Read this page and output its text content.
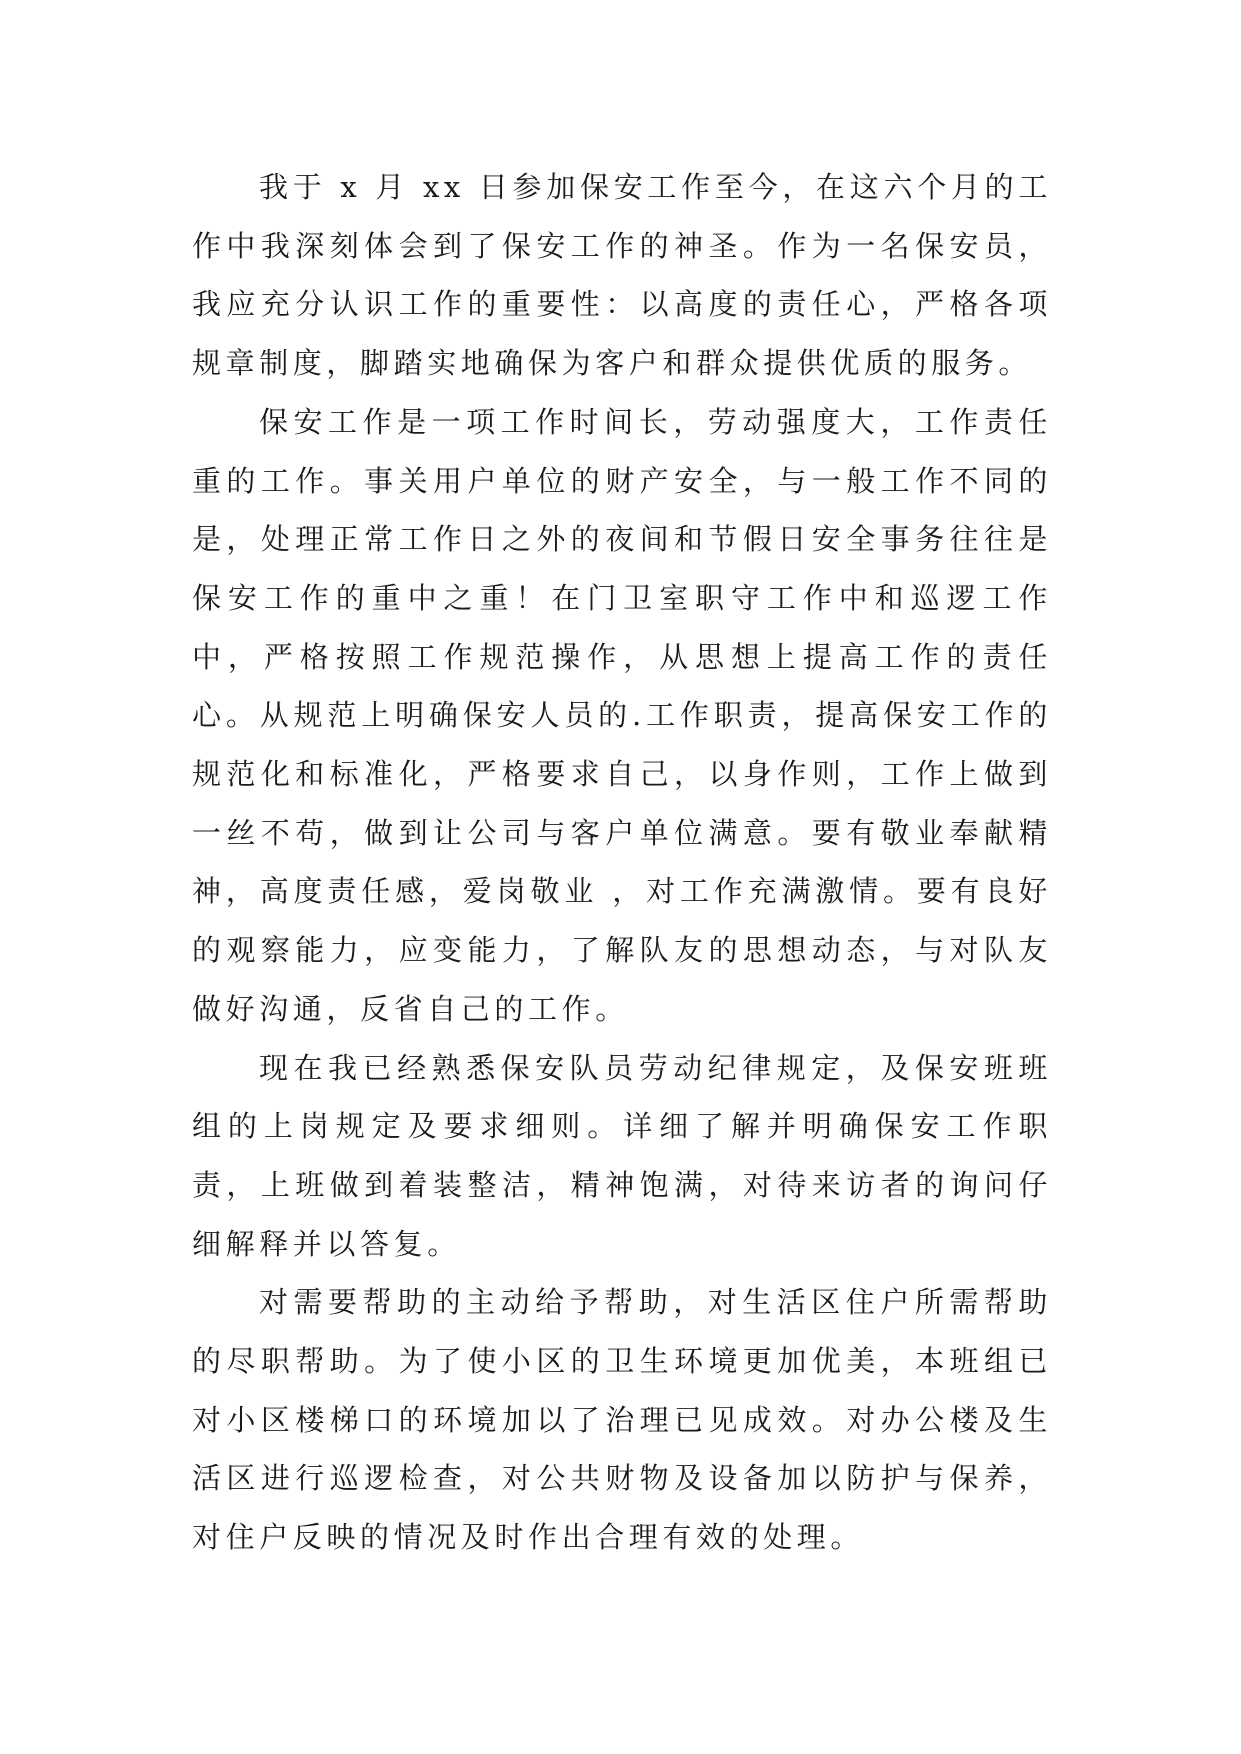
我于 x 月 xx 日参加保安工作至今，在这六个月的工作中我深刻体会到了保安工作的神圣。作为一名保安员，我应充分认识工作的重要性：以高度的责任心，严格各项规章制度，脚踏实地确保为客户和群众提供优质的服务。

保安工作是一项工作时间长，劳动强度大，工作责任重的工作。事关用户单位的财产安全，与一般工作不同的是，处理正常工作日之外的夜间和节假日安全事务往往是保安工作的重中之重！在门卫室职守工作中和巡逻工作中，严格按照工作规范操作，从思想上提高工作的责任心。从规范上明确保安人员的.工作职责，提高保安工作的规范化和标准化，严格要求自己，以身作则，工作上做到一丝不苟，做到让公司与客户单位满意。要有敬业奉献精神，高度责任感，爱岗敬业 ，对工作充满激情。要有良好的观察能力，应变能力，了解队友的思想动态，与对队友做好沟通，反省自己的工作。

现在我已经熟悉保安队员劳动纪律规定，及保安班班组的上岗规定及要求细则。详细了解并明确保安工作职责，上班做到着装整洁，精神饱满，对待来访者的询问仔细解释并以答复。

对需要帮助的主动给予帮助，对生活区住户所需帮助的尽职帮助。为了使小区的卫生环境更加优美，本班组已对小区楼梯口的环境加以了治理已见成效。对办公楼及生活区进行巡逻检查，对公共财物及设备加以防护与保养，对住户反映的情况及时作出合理有效的处理。
